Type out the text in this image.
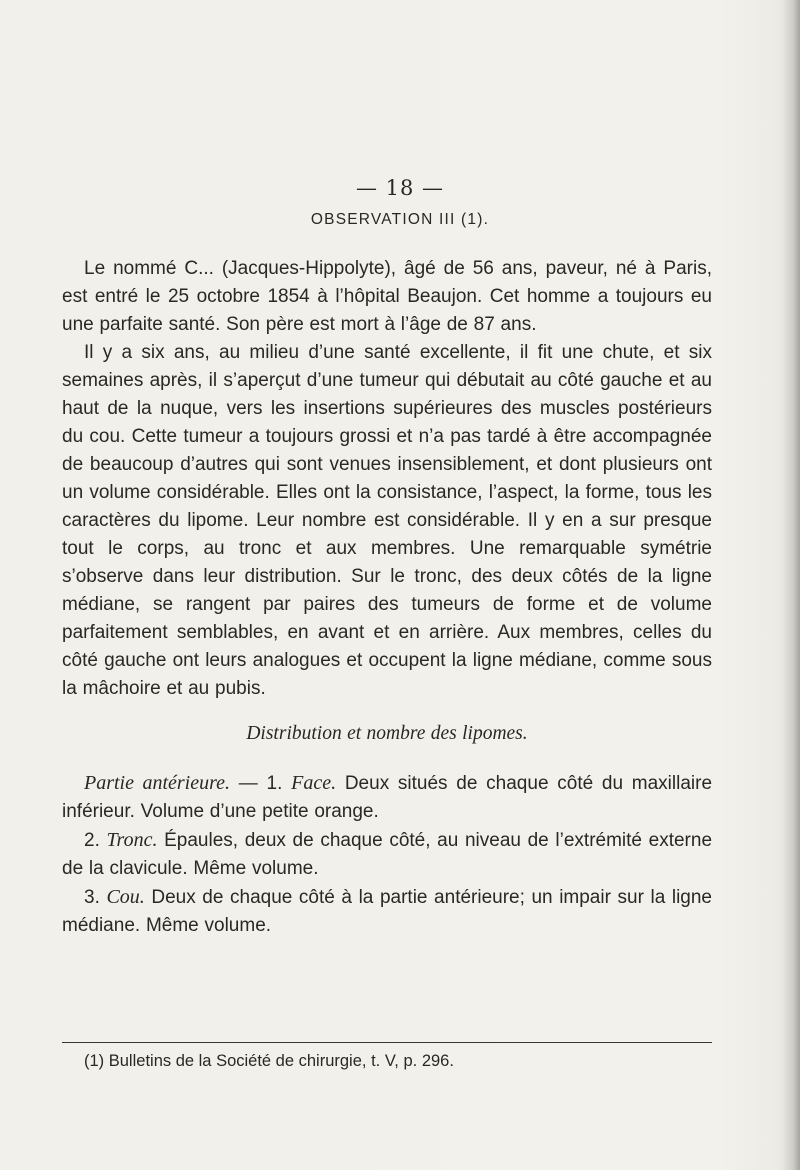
— 18 —
OBSERVATION III (1).

Le nommé C... (Jacques-Hippolyte), âgé de 56 ans, paveur, né à Paris, est entré le 25 octobre 1854 à l’hôpital Beaujon. Cet homme a toujours eu une parfaite santé. Son père est mort à l’âge de 87 ans.

Il y a six ans, au milieu d’une santé excellente, il fit une chute, et six semaines après, il s’aperçut d’une tumeur qui débutait au côté gauche et au haut de la nuque, vers les insertions supérieures des muscles postérieurs du cou. Cette tumeur a toujours grossi et n’a pas tardé à être accompagnée de beaucoup d’autres qui sont venues insensiblement, et dont plusieurs ont un volume considérable. Elles ont la consistance, l’aspect, la forme, tous les caractères du lipome. Leur nombre est considérable. Il y en a sur presque tout le corps, au tronc et aux membres. Une remarquable symétrie s’observe dans leur distribution. Sur le tronc, des deux côtés de la ligne médiane, se rangent par paires des tumeurs de forme et de volume parfaitement semblables, en avant et en arrière. Aux membres, celles du côté gauche ont leurs analogues et occupent la ligne médiane, comme sous la mâchoire et au pubis.

Distribution et nombre des lipomes.

Partie antérieure. — 1. Face. Deux situés de chaque côté du maxillaire inférieur. Volume d’une petite orange.

2. Tronc. Épaules, deux de chaque côté, au niveau de l’extrémité externe de la clavicule. Même volume.

3. Cou. Deux de chaque côté à la partie antérieure; un impair sur la ligne médiane. Même volume.

(1) Bulletins de la Société de chirurgie, t. V, p. 296.
